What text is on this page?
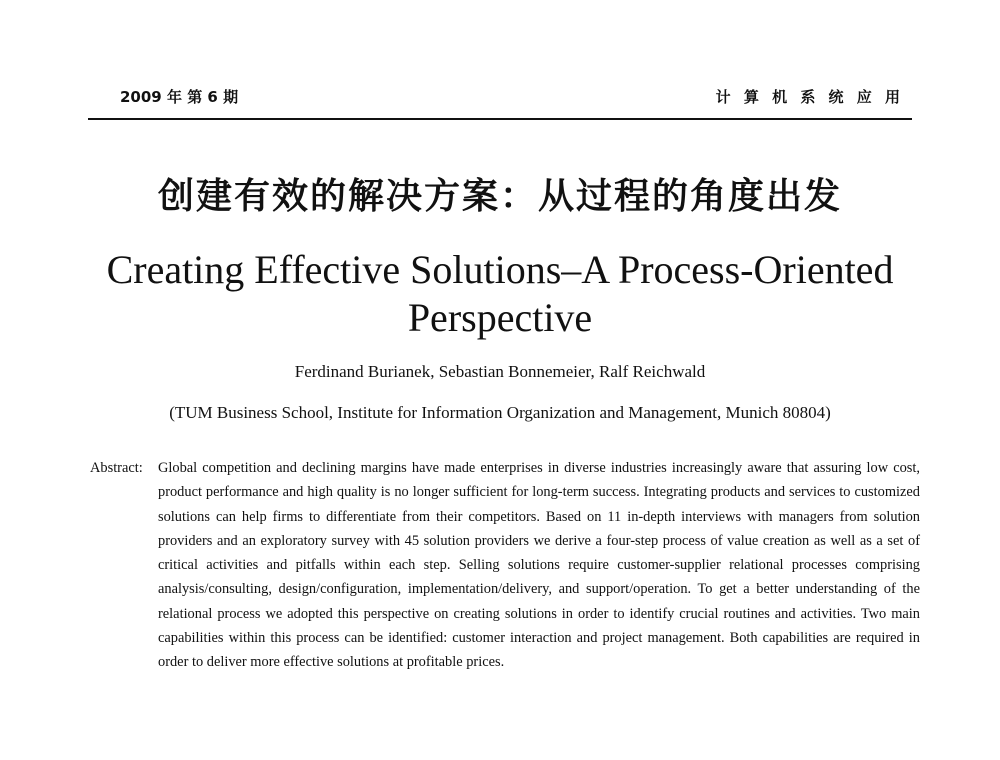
2009 年 第 6 期	计 算 机 系 统 应 用
创建有效的解决方案：从过程的角度出发
Creating Effective Solutions–A Process-Oriented
Perspective
Ferdinand Burianek, Sebastian Bonnemeier, Ralf Reichwald
(TUM Business School, Institute for Information Organization and Management, Munich 80804)
Abstract: Global competition and declining margins have made enterprises in diverse industries increasingly aware that assuring low cost, product performance and high quality is no longer sufficient for long-term success. Integrating products and services to customized solutions can help firms to differentiate from their competitors. Based on 11 in-depth interviews with managers from solution providers and an exploratory survey with 45 solution providers we derive a four-step process of value creation as well as a set of critical activities and pitfalls within each step. Selling solutions require customer-supplier relational processes comprising analysis/consulting, design/configuration, implementation/delivery, and support/operation. To get a better understanding of the relational process we adopted this perspective on creating solutions in order to identify crucial routines and activities. Two main capabilities within this process can be identified: customer interaction and project management. Both capabilities are required in order to deliver more effective solutions at profitable prices.
